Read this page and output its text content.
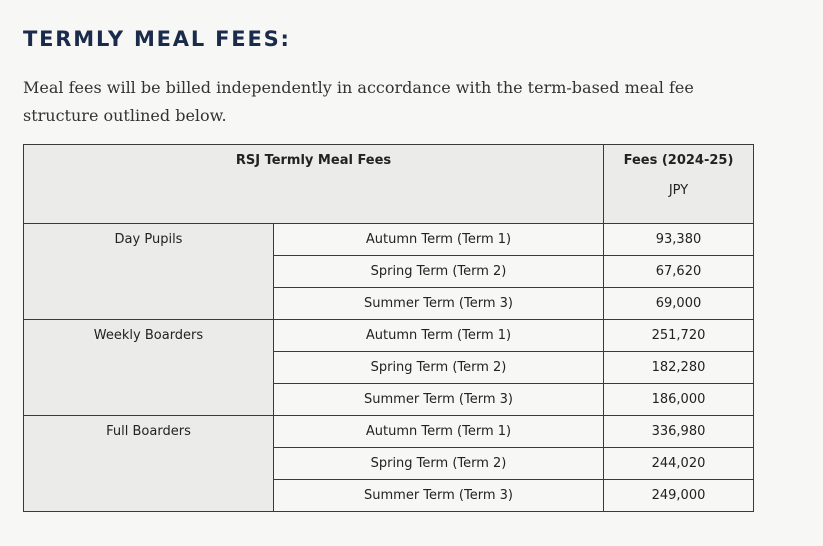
TERMLY MEAL FEES:

Meal fees will be billed independently in accordance with the term-based meal fee structure outlined below.

RSJ Termly Meal Fees		Fees (2024-25)
JPY

Day Pupils	Autumn Term (Term 1)	93,380
	Spring Term (Term 2)	67,620
	Summer Term (Term 3)	69,000
Weekly Boarders	Autumn Term (Term 1)	251,720
	Spring Term (Term 2)	182,280
	Summer Term (Term 3)	186,000
Full Boarders	Autumn Term (Term 1)	336,980
	Spring Term (Term 2)	244,020
	Summer Term (Term 3)	249,000
